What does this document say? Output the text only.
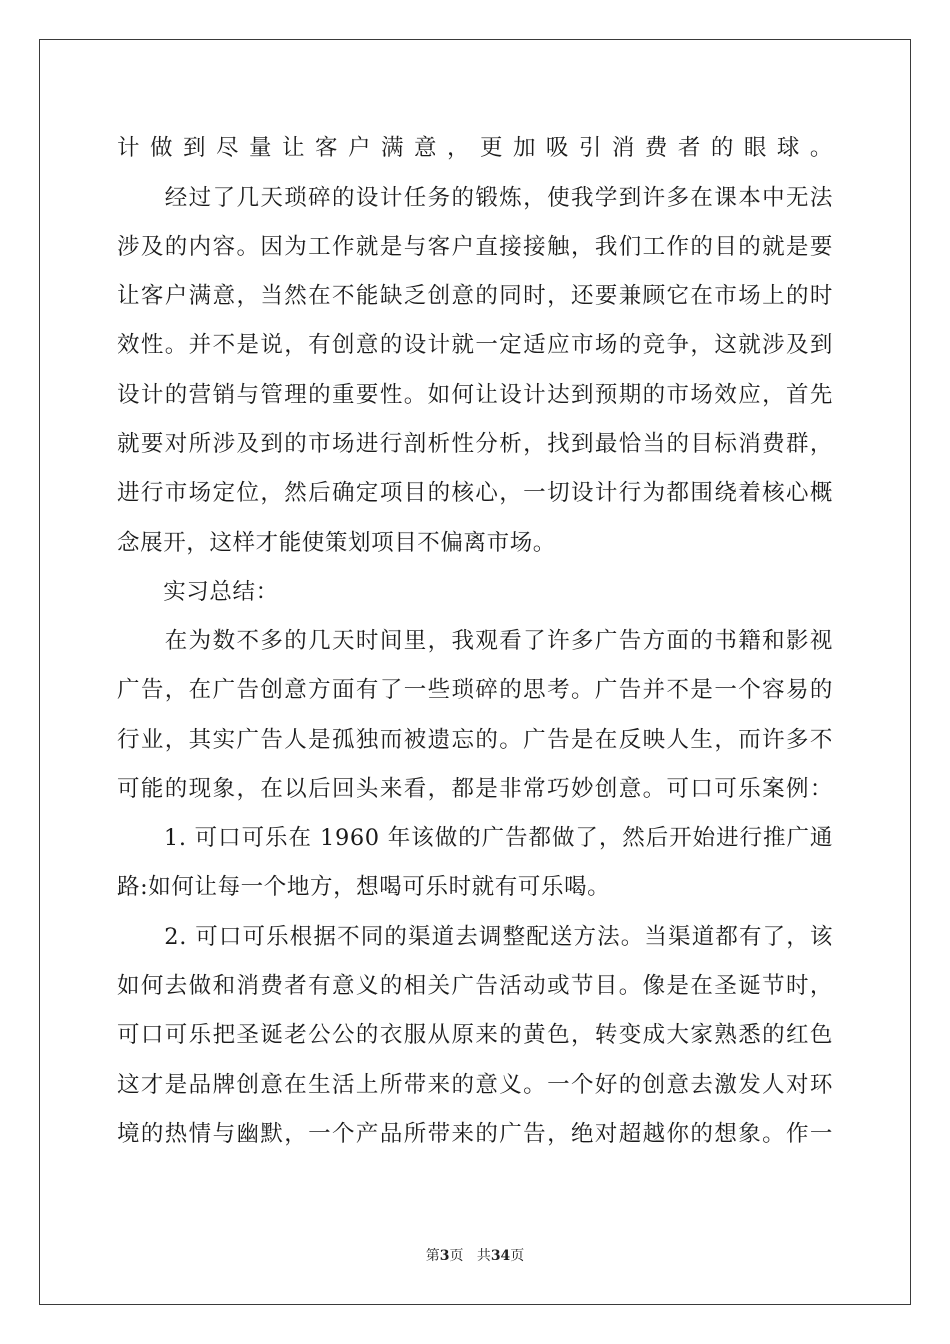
计做到尽量让客户满意，更加吸引消费者的眼球。
　　经过了几天琐碎的设计任务的锻炼，使我学到许多在课本中无法
涉及的内容。因为工作就是与客户直接接触，我们工作的目的就是要
让客户满意，当然在不能缺乏创意的同时，还要兼顾它在市场上的时
效性。并不是说，有创意的设计就一定适应市场的竞争，这就涉及到
设计的营销与管理的重要性。如何让设计达到预期的市场效应，首先
就要对所涉及到的市场进行剖析性分析，找到最恰当的目标消费群，
进行市场定位，然后确定项目的核心，一切设计行为都围绕着核心概
念展开，这样才能使策划项目不偏离市场。
　　实习总结：
　　在为数不多的几天时间里，我观看了许多广告方面的书籍和影视
广告，在广告创意方面有了一些琐碎的思考。广告并不是一个容易的
行业，其实广告人是孤独而被遗忘的。广告是在反映人生，而许多不
可能的现象，在以后回头来看，都是非常巧妙创意。可口可乐案例：
　　1. 可口可乐在 1960 年该做的广告都做了，然后开始进行推广通
路:如何让每一个地方，想喝可乐时就有可乐喝。
　　2. 可口可乐根据不同的渠道去调整配送方法。当渠道都有了，该
如何去做和消费者有意义的相关广告活动或节目。像是在圣诞节时，
可口可乐把圣诞老公公的衣服从原来的黄色，转变成大家熟悉的红色
这才是品牌创意在生活上所带来的意义。一个好的创意去激发人对环
境的热情与幽默，一个产品所带来的广告，绝对超越你的想象。作一
第3页 共34页
